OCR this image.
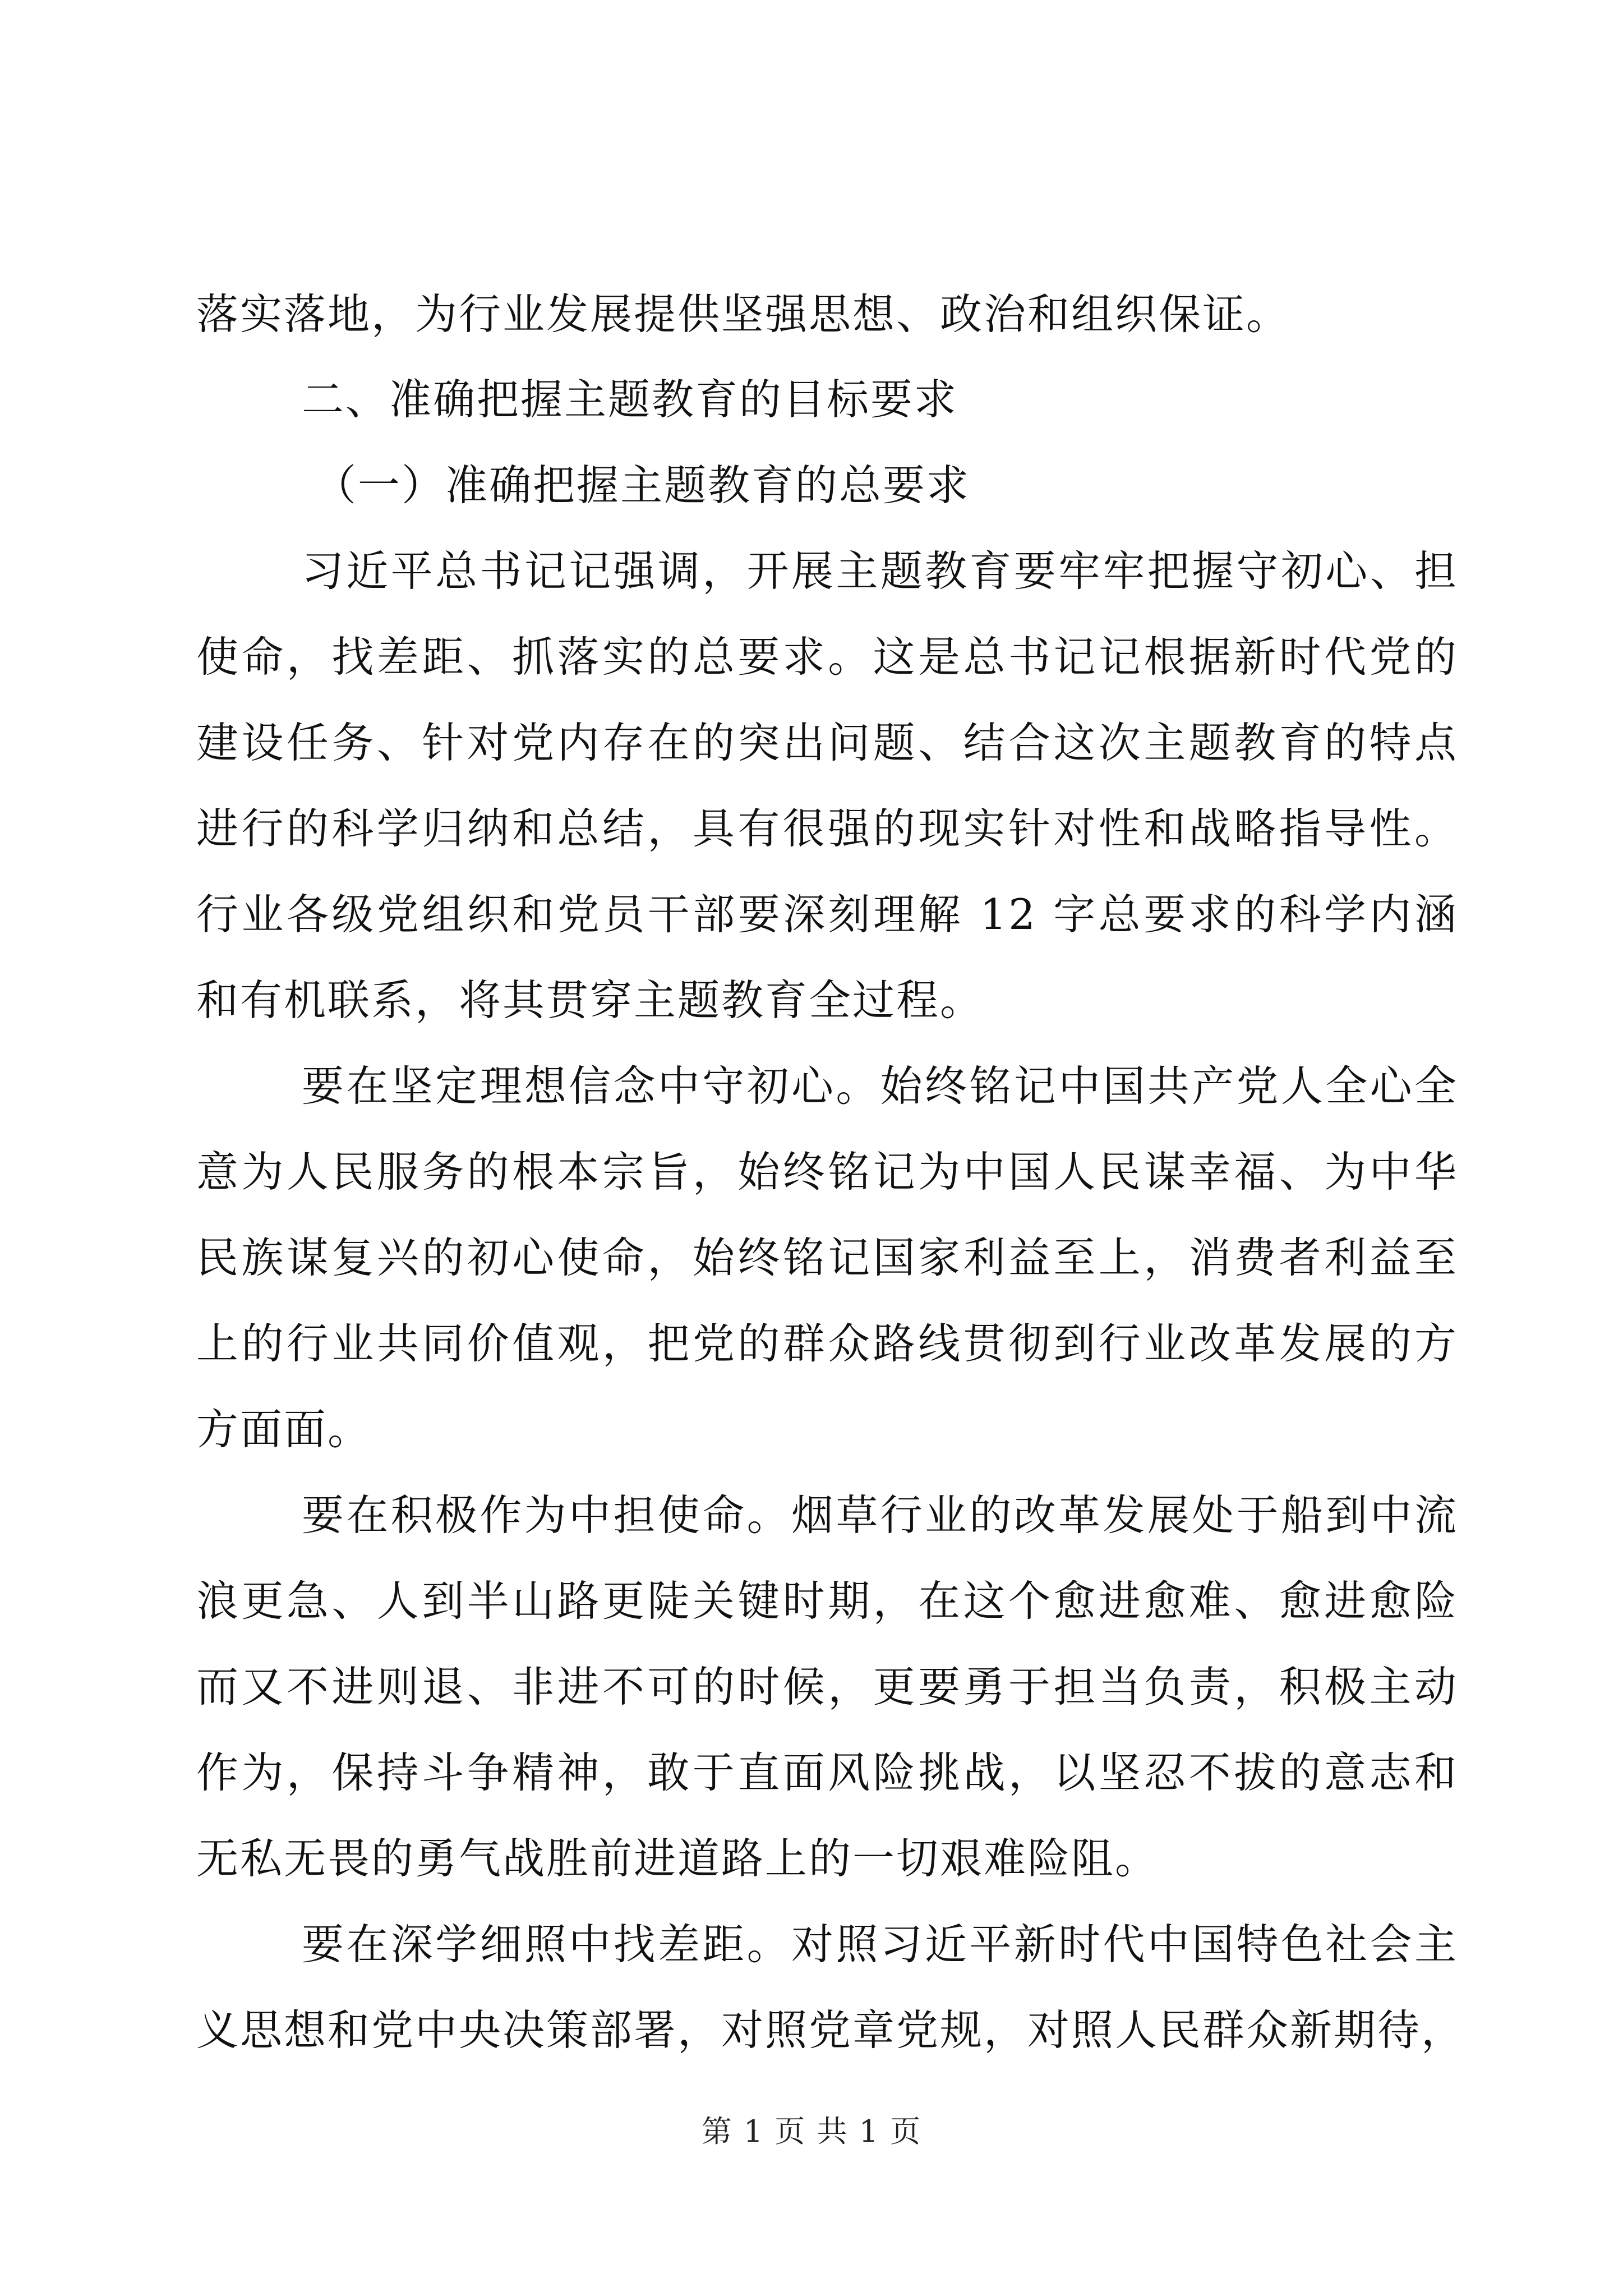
落实落地，为行业发展提供坚强思想、政治和组织保证。
二、准确把握主题教育的目标要求
（一）准确把握主题教育的总要求
习近平总书记记强调，开展主题教育要牢牢把握守初心、担
使命，找差距、抓落实的总要求。这是总书记记根据新时代党的
建设任务、针对党内存在的突出问题、结合这次主题教育的特点
进行的科学归纳和总结，具有很强的现实针对性和战略指导性。
行业各级党组织和党员干部要深刻理解 12 字总要求的科学内涵
和有机联系，将其贯穿主题教育全过程。
要在坚定理想信念中守初心。始终铭记中国共产党人全心全
意为人民服务的根本宗旨，始终铭记为中国人民谋幸福、为中华
民族谋复兴的初心使命，始终铭记国家利益至上，消费者利益至
上的行业共同价值观，把党的群众路线贯彻到行业改革发展的方
方面面。
要在积极作为中担使命。烟草行业的改革发展处于船到中流
浪更急、人到半山路更陡关键时期，在这个愈进愈难、愈进愈险
而又不进则退、非进不可的时候，更要勇于担当负责，积极主动
作为，保持斗争精神，敢于直面风险挑战，以坚忍不拔的意志和
无私无畏的勇气战胜前进道路上的一切艰难险阻。
要在深学细照中找差距。对照习近平新时代中国特色社会主
义思想和党中央决策部署，对照党章党规，对照人民群众新期待，
第 1 页 共 1 页
